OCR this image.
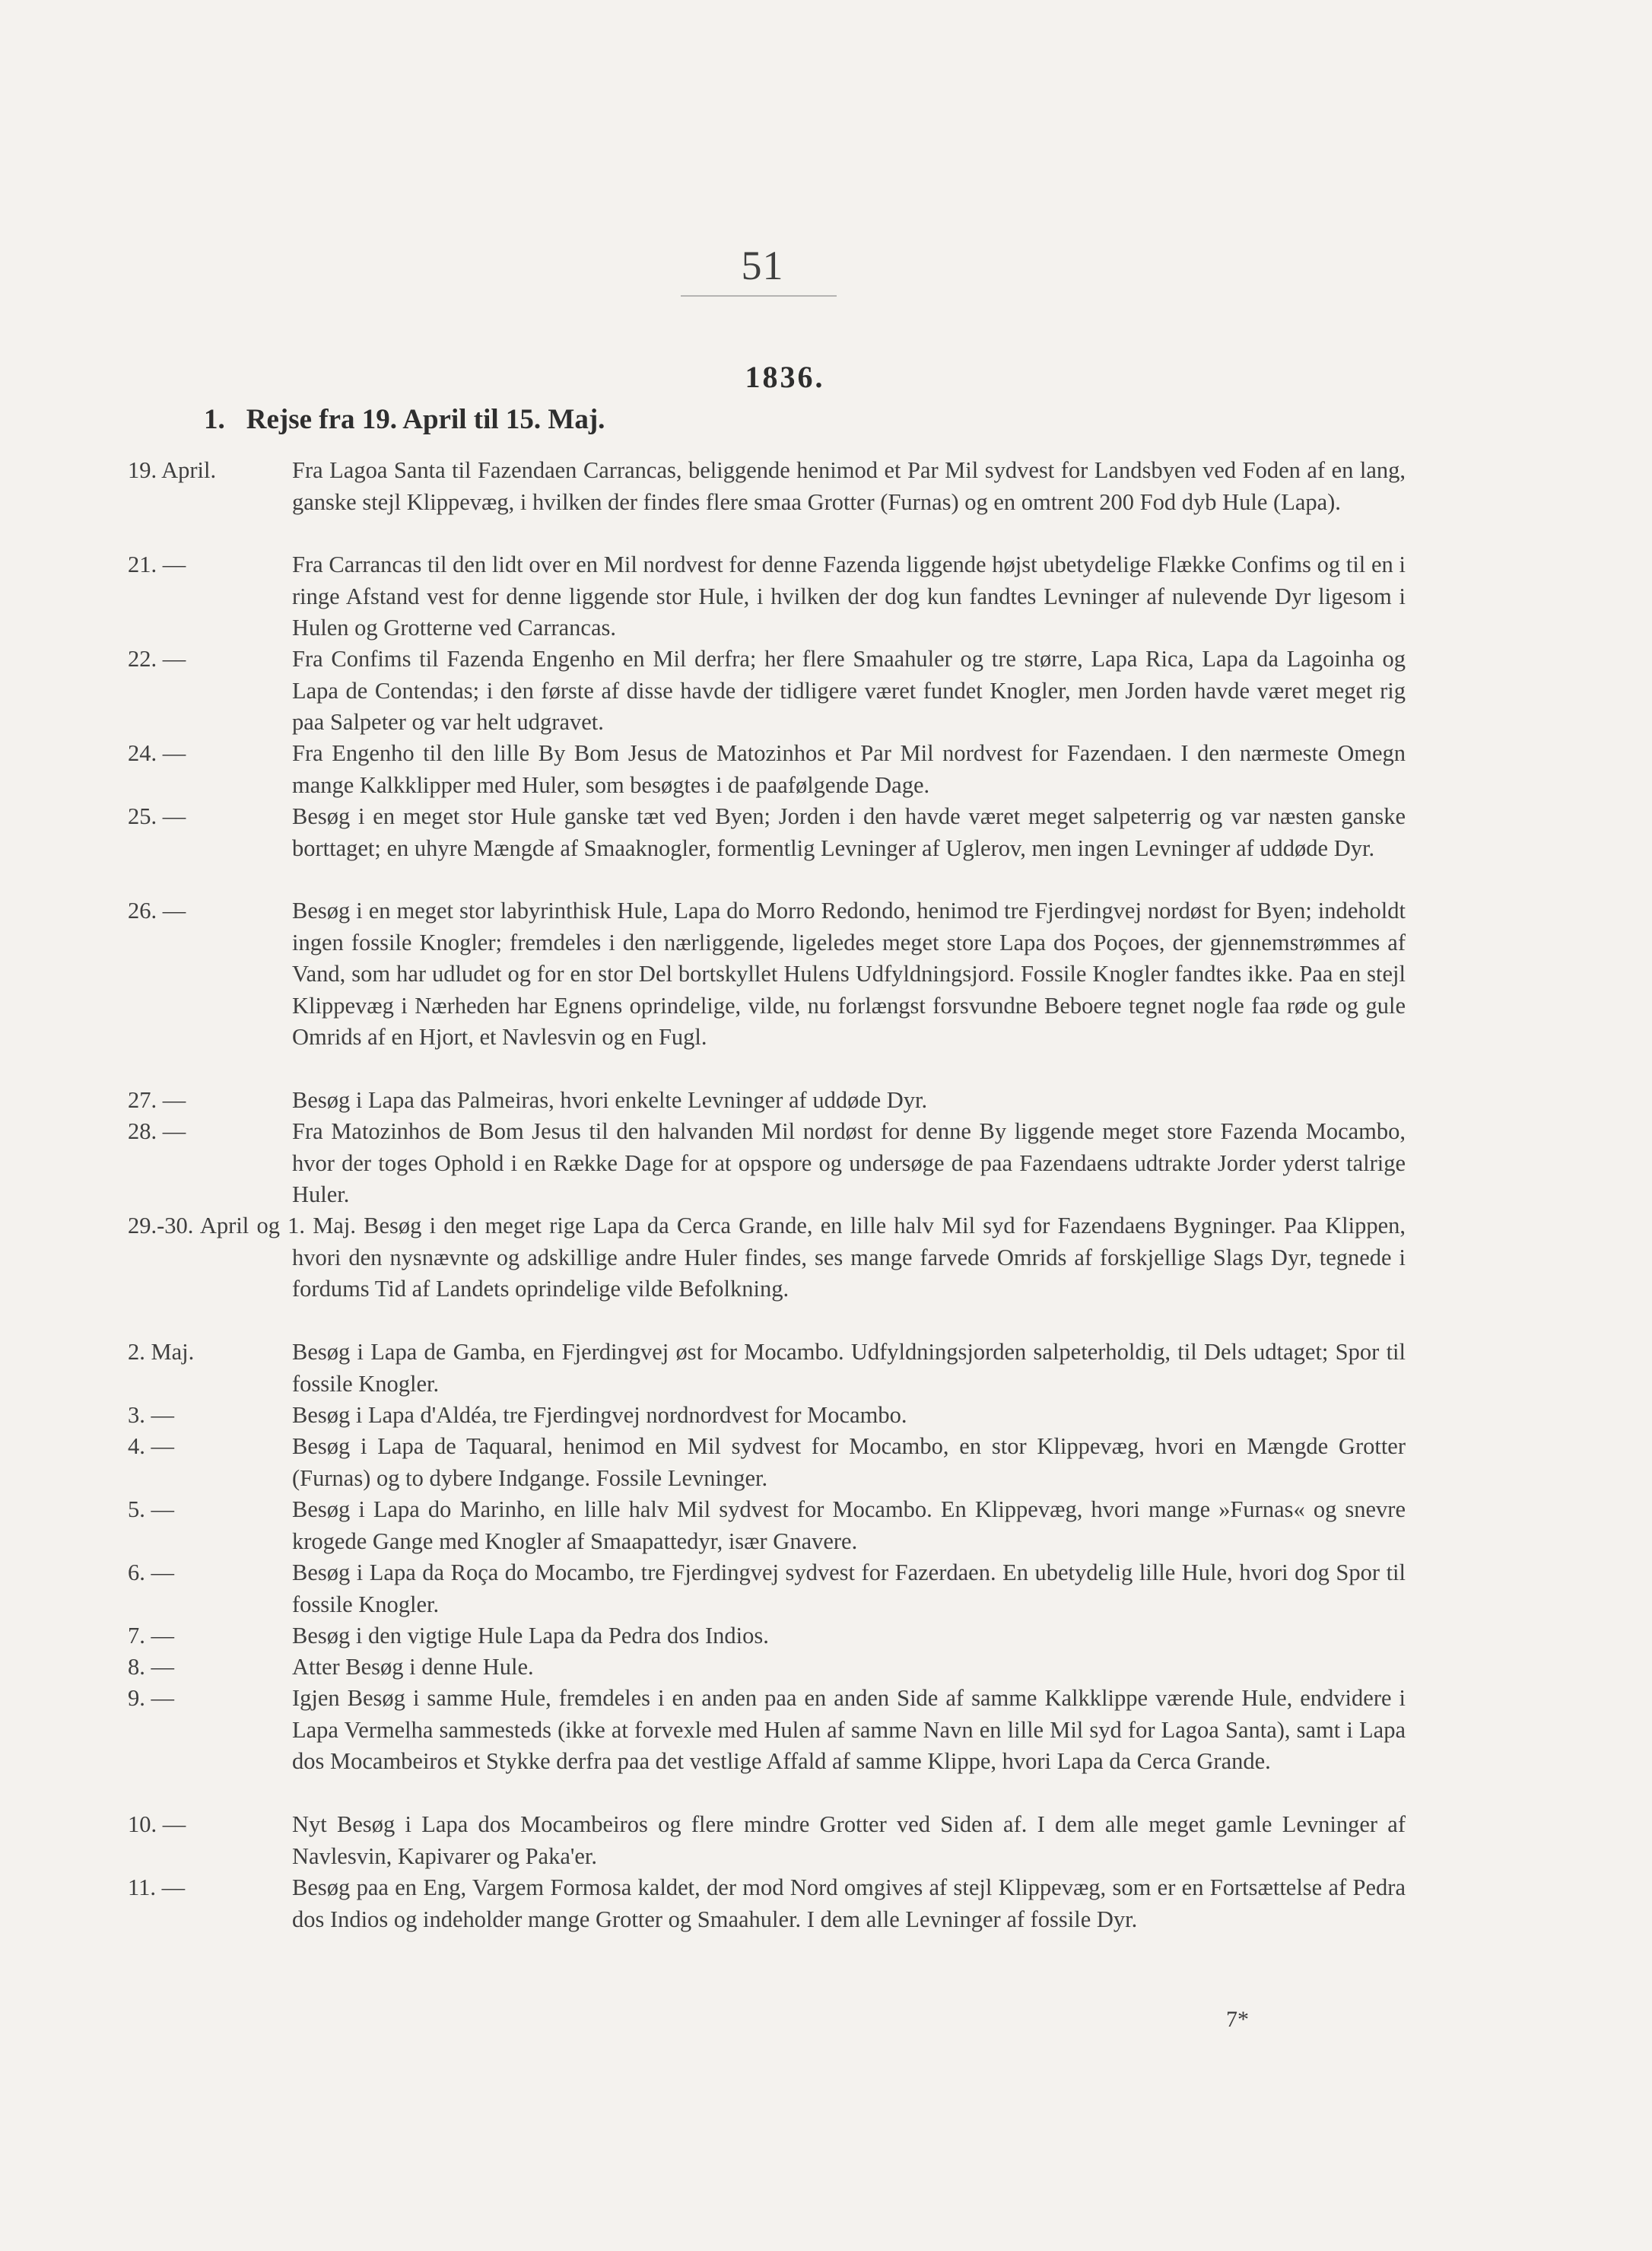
51
1836.
1. Rejse fra 19. April til 15. Maj.
19. April.	Fra Lagoa Santa til Fazendaen Carrancas, beliggende henimod et Par Mil sydvest for Landsbyen ved Foden af en lang, ganske stejl Klippevæg, i hvilken der findes flere smaa Grotter (Furnas) og en omtrent 200 Fod dyb Hule (Lapa).
21. —	Fra Carrancas til den lidt over en Mil nordvest for denne Fazenda liggende højst ubetydelige Flække Confims og til en i ringe Afstand vest for denne liggende stor Hule, i hvilken der dog kun fandtes Levninger af nulevende Dyr ligesom i Hulen og Grotterne ved Carrancas.
22. —	Fra Confims til Fazenda Engenho en Mil derfra; her flere Smaahuler og tre større, Lapa Rica, Lapa da Lagoinha og Lapa de Contendas; i den første af disse havde der tidligere været fundet Knogler, men Jorden havde været meget rig paa Salpeter og var helt udgravet.
24. —	Fra Engenho til den lille By Bom Jesus de Matozinhos et Par Mil nordvest for Fazendaen. I den nærmeste Omegn mange Kalkklipper med Huler, som besøgtes i de paafølgende Dage.
25. —	Besøg i en meget stor Hule ganske tæt ved Byen; Jorden i den havde været meget salpeterrig og var næsten ganske borttaget; en uhyre Mængde af Smaaknogler, formentlig Levninger af Uglerov, men ingen Levninger af uddøde Dyr.
26. —	Besøg i en meget stor labyrinthisk Hule, Lapa do Morro Redondo, henimod tre Fjerdingvej nordøst for Byen; indeholdt ingen fossile Knogler; fremdeles i den nærliggende, ligeledes meget store Lapa dos Poçoes, der gjennemstrømmes af Vand, som har udludet og for en stor Del bortskyllet Hulens Udfyldningsjord. Fossile Knogler fandtes ikke. Paa en stejl Klippevæg i Nærheden har Egnens oprindelige, vilde, nu forlængst forsvundne Beboere tegnet nogle faa røde og gule Omrids af en Hjort, et Navlesvin og en Fugl.
27. —	Besøg i Lapa das Palmeiras, hvori enkelte Levninger af uddøde Dyr.
28. —	Fra Matozinhos de Bom Jesus til den halvanden Mil nordøst for denne By liggende meget store Fazenda Mocambo, hvor der toges Ophold i en Række Dage for at opspore og undersøge de paa Fazendaens udtrakte Jorder yderst talrige Huler.
29.-30. April og 1. Maj. Besøg i den meget rige Lapa da Cerca Grande, en lille halv Mil syd for Fazendaens Bygninger. Paa Klippen, hvori den nysnævnte og adskillige andre Huler findes, ses mange farvede Omrids af forskjellige Slags Dyr, tegnede i fordums Tid af Landets oprindelige vilde Befolkning.
2. Maj.	Besøg i Lapa de Gamba, en Fjerdingvej øst for Mocambo. Udfyldningsjorden salpeterholdig, til Dels udtaget; Spor til fossile Knogler.
3. —	Besøg i Lapa d'Aldéa, tre Fjerdingvej nordnordvest for Mocambo.
4. —	Besøg i Lapa de Taquaral, henimod en Mil sydvest for Mocambo, en stor Klippevæg, hvori en Mængde Grotter (Furnas) og to dybere Indgange. Fossile Levninger.
5. —	Besøg i Lapa do Marinho, en lille halv Mil sydvest for Mocambo. En Klippevæg, hvori mange »Furnas« og snevre krogede Gange med Knogler af Smaapattedyr, især Gnavere.
6. —	Besøg i Lapa da Roça do Mocambo, tre Fjerdingvej sydvest for Fazerdaen. En ubetydelig lille Hule, hvori dog Spor til fossile Knogler.
7. —	Besøg i den vigtige Hule Lapa da Pedra dos Indios.
8. —	Atter Besøg i denne Hule.
9. —	Igjen Besøg i samme Hule, fremdeles i en anden paa en anden Side af samme Kalkklippe værende Hule, endvidere i Lapa Vermelha sammesteds (ikke at forvexle med Hulen af samme Navn en lille Mil syd for Lagoa Santa), samt i Lapa dos Mocambeiros et Stykke derfra paa det vestlige Affald af samme Klippe, hvori Lapa da Cerca Grande.
10. —	Nyt Besøg i Lapa dos Mocambeiros og flere mindre Grotter ved Siden af. I dem alle meget gamle Levninger af Navlesvin, Kapivarer og Paka'er.
11. —	Besøg paa en Eng, Vargem Formosa kaldet, der mod Nord omgives af stejl Klippevæg, som er en Fortsættelse af Pedra dos Indios og indeholder mange Grotter og Smaahuler. I dem alle Levninger af fossile Dyr.
7*
